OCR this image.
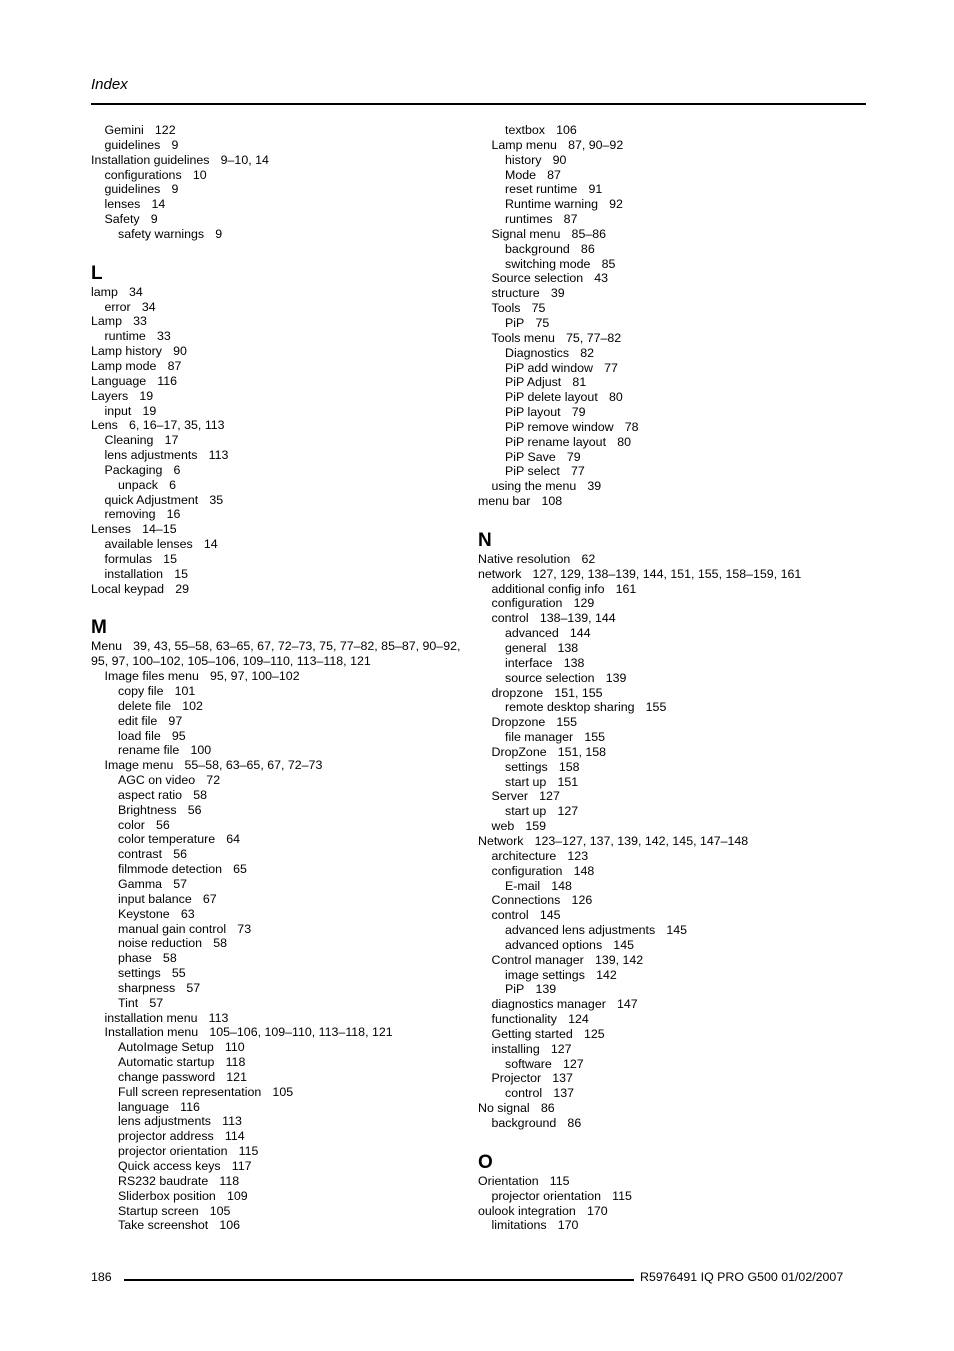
Index
Gemini 122
guidelines 9
Installation guidelines 9–10, 14
configurations 10
guidelines 9
lenses 14
Safety 9
safety warnings 9
L
lamp 34
error 34
Lamp 33
runtime 33
Lamp history 90
Lamp mode 87
Language 116
Layers 19
input 19
Lens 6, 16–17, 35, 113
Cleaning 17
lens adjustments 113
Packaging 6
unpack 6
quick Adjustment 35
removing 16
Lenses 14–15
available lenses 14
formulas 15
installation 15
Local keypad 29
M
Menu 39, 43, 55–58, 63–65, 67, 72–73, 75, 77–82, 85–87, 90–92, 95, 97, 100–102, 105–106, 109–110, 113–118, 121
Image files menu 95, 97, 100–102
copy file 101
delete file 102
edit file 97
load file 95
rename file 100
Image menu 55–58, 63–65, 67, 72–73
AGC on video 72
aspect ratio 58
Brightness 56
color 56
color temperature 64
contrast 56
filmmode detection 65
Gamma 57
input balance 67
Keystone 63
manual gain control 73
noise reduction 58
phase 58
settings 55
sharpness 57
Tint 57
installation menu 113
Installation menu 105–106, 109–110, 113–118, 121
AutoImage Setup 110
Automatic startup 118
change password 121
Full screen representation 105
language 116
lens adjustments 113
projector address 114
projector orientation 115
Quick access keys 117
RS232 baudrate 118
Sliderbox position 109
Startup screen 105
Take screenshot 106
textbox 106
Lamp menu 87, 90–92
history 90
Mode 87
reset runtime 91
Runtime warning 92
runtimes 87
Signal menu 85–86
background 86
switching mode 85
Source selection 43
structure 39
Tools 75
PiP 75
Tools menu 75, 77–82
Diagnostics 82
PiP add window 77
PiP Adjust 81
PiP delete layout 80
PiP layout 79
PiP remove window 78
PiP rename layout 80
PiP Save 79
PiP select 77
using the menu 39
menu bar 108
N
Native resolution 62
network 127, 129, 138–139, 144, 151, 155, 158–159, 161
additional config info 161
configuration 129
control 138–139, 144
advanced 144
general 138
interface 138
source selection 139
dropzone 151, 155
remote desktop sharing 155
Dropzone 155
file manager 155
DropZone 151, 158
settings 158
start up 151
Server 127
start up 127
web 159
Network 123–127, 137, 139, 142, 145, 147–148
architecture 123
configuration 148
E-mail 148
Connections 126
control 145
advanced lens adjustments 145
advanced options 145
Control manager 139, 142
image settings 142
PiP 139
diagnostics manager 147
functionality 124
Getting started 125
installing 127
software 127
Projector 137
control 137
No signal 86
background 86
O
Orientation 115
projector orientation 115
oulook integration 170
limitations 170
186	R5976491 IQ PRO G500 01/02/2007
